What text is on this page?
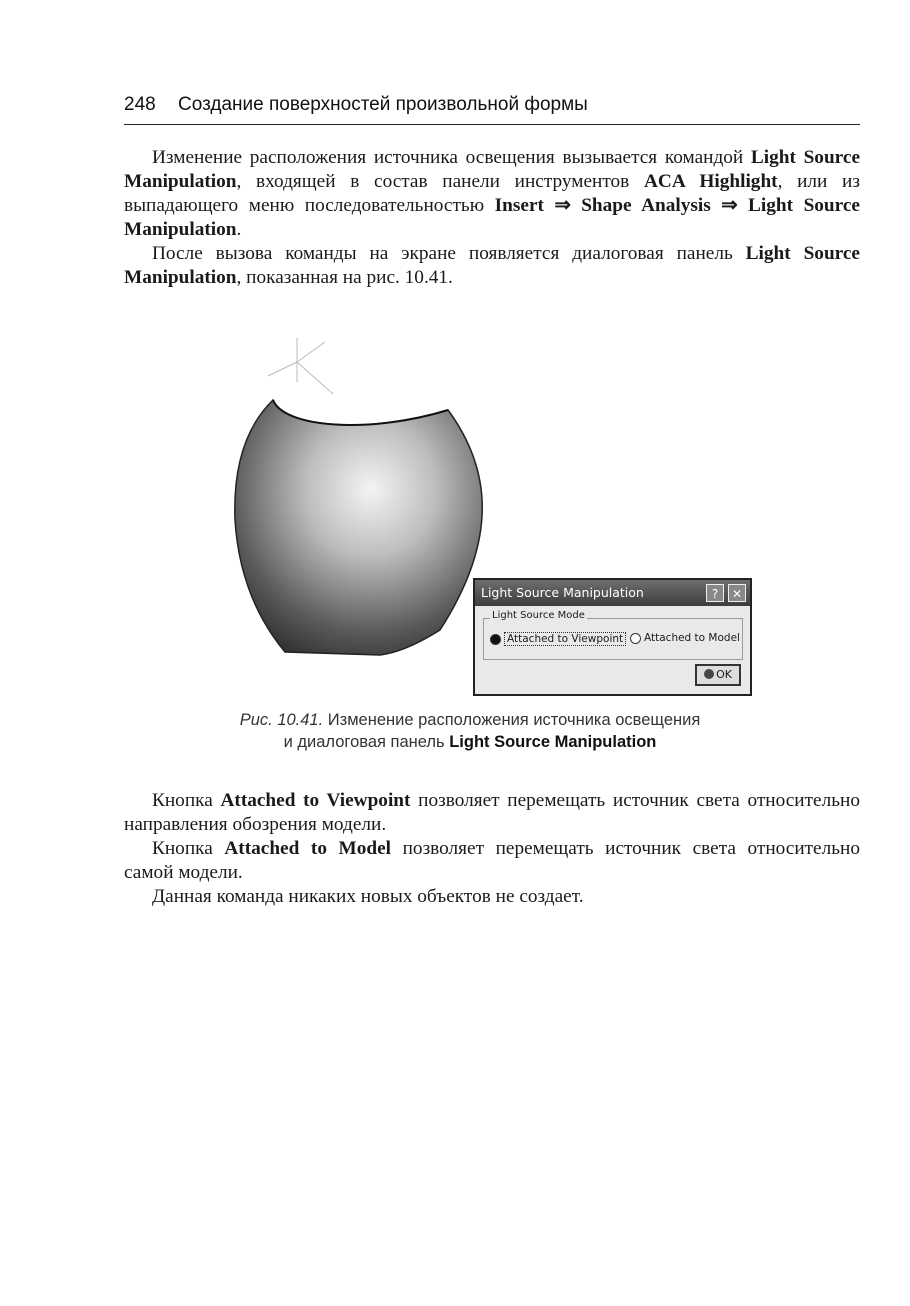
248 Создание поверхностей произвольной формы

Изменение расположения источника освещения вызывается командой Light Source Manipulation, входящей в состав панели инструментов ACA Highlight, или из выпадающего меню последовательностью Insert ⇒ Shape Analysis ⇒ Light Source Manipulation.

После вызова команды на экране появляется диалоговая панель Light Source Manipulation, показанная на рис. 10.41.

Light Source Manipulation	?	✕
Light Source Mode
Attached to Viewpoint Attached to Model
OK
Рис. 10.41. Изменение расположения источника освещения
и диалоговая панель Light Source Manipulation

Кнопка Attached to Viewpoint позволяет перемещать источник света относительно направления обозрения модели.

Кнопка Attached to Model позволяет перемещать источник света относительно самой модели.

Данная команда никаких новых объектов не создает.
